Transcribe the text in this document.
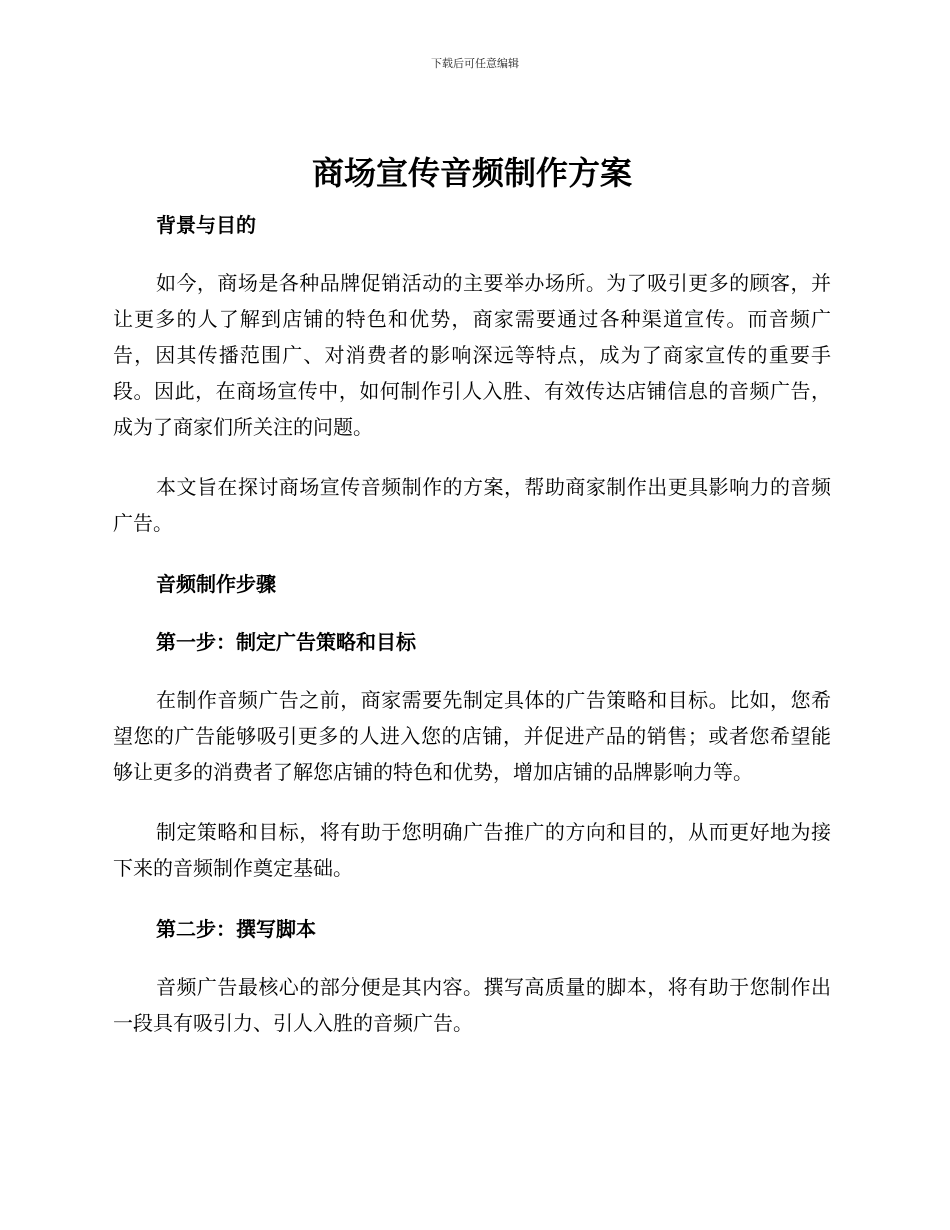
下载后可任意编辑
商场宣传音频制作方案
背景与目的

如今，商场是各种品牌促销活动的主要举办场所。为了吸引更多的顾客，并让更多的人了解到店铺的特色和优势，商家需要通过各种渠道宣传。而音频广告，因其传播范围广、对消费者的影响深远等特点，成为了商家宣传的重要手段。因此，在商场宣传中，如何制作引人入胜、有效传达店铺信息的音频广告，成为了商家们所关注的问题。

本文旨在探讨商场宣传音频制作的方案，帮助商家制作出更具影响力的音频广告。

音频制作步骤
第一步：制定广告策略和目标

在制作音频广告之前，商家需要先制定具体的广告策略和目标。比如，您希望您的广告能够吸引更多的人进入您的店铺，并促进产品的销售；或者您希望能够让更多的消费者了解您店铺的特色和优势，增加店铺的品牌影响力等。

制定策略和目标，将有助于您明确广告推广的方向和目的，从而更好地为接下来的音频制作奠定基础。

第二步：撰写脚本

音频广告最核心的部分便是其内容。撰写高质量的脚本，将有助于您制作出一段具有吸引力、引人入胜的音频广告。
